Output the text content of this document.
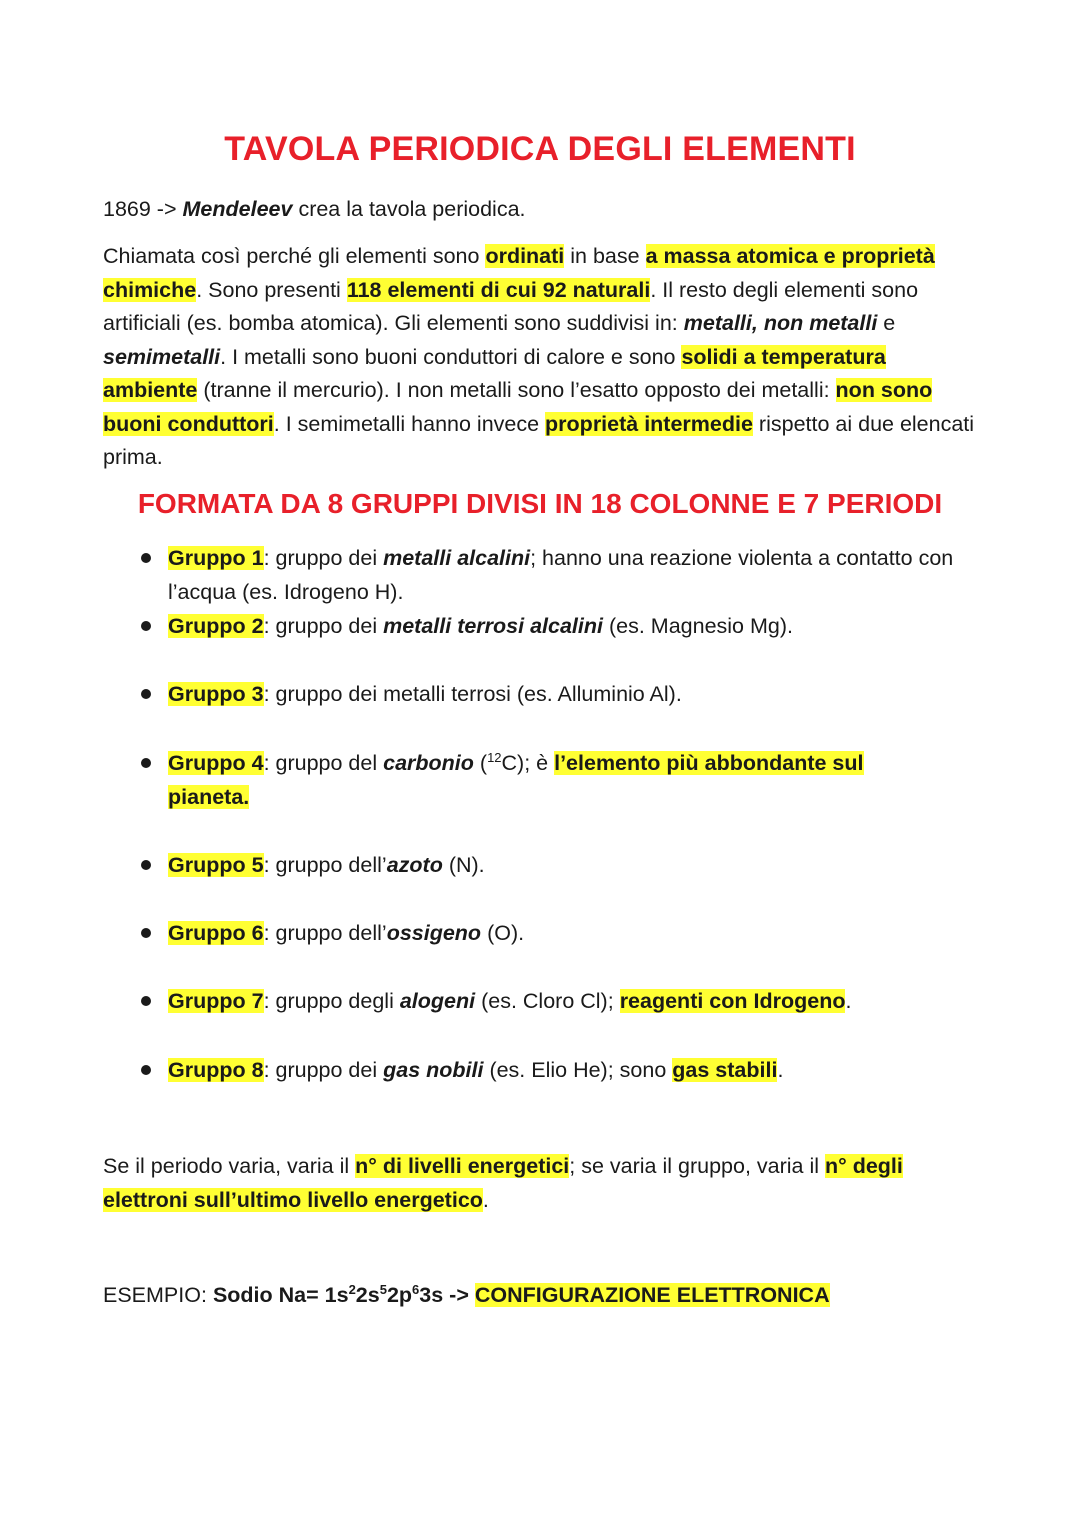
TAVOLA PERIODICA DEGLI ELEMENTI

1869 -> Mendeleev crea la tavola periodica.

Chiamata così perché gli elementi sono ordinati in base a massa atomica e proprietà chimiche. Sono presenti 118 elementi di cui 92 naturali. Il resto degli elementi sono artificiali (es. bomba atomica). Gli elementi sono suddivisi in: metalli, non metalli e semimetalli. I metalli sono buoni conduttori di calore e sono solidi a temperatura ambiente (tranne il mercurio). I non metalli sono l’esatto opposto dei metalli: non sono buoni conduttori. I semimetalli hanno invece proprietà intermedie rispetto ai due elencati prima.

FORMATA DA 8 GRUPPI DIVISI IN 18 COLONNE E 7 PERIODI

Gruppo 1: gruppo dei metalli alcalini; hanno una reazione violenta a contatto con l’acqua (es. Idrogeno H).

Gruppo 2: gruppo dei metalli terrosi alcalini (es. Magnesio Mg).

Gruppo 3: gruppo dei metalli terrosi (es. Alluminio Al).

Gruppo 4: gruppo del carbonio ($^{12}$C); è l’elemento più abbondante sul pianeta.

Gruppo 5: gruppo dell’azoto (N).

Gruppo 6: gruppo dell’ossigeno (O).

Gruppo 7: gruppo degli alogeni (es. Cloro Cl); reagenti con Idrogeno.

Gruppo 8: gruppo dei gas nobili (es. Elio He); sono gas stabili.

Se il periodo varia, varia il n° di livelli energetici; se varia il gruppo, varia il n° degli elettroni sull’ultimo livello energetico.

ESEMPIO: Sodio $Na= 1s^22s^52p^63s$ -> CONFIGURAZIONE ELETTRONICA
